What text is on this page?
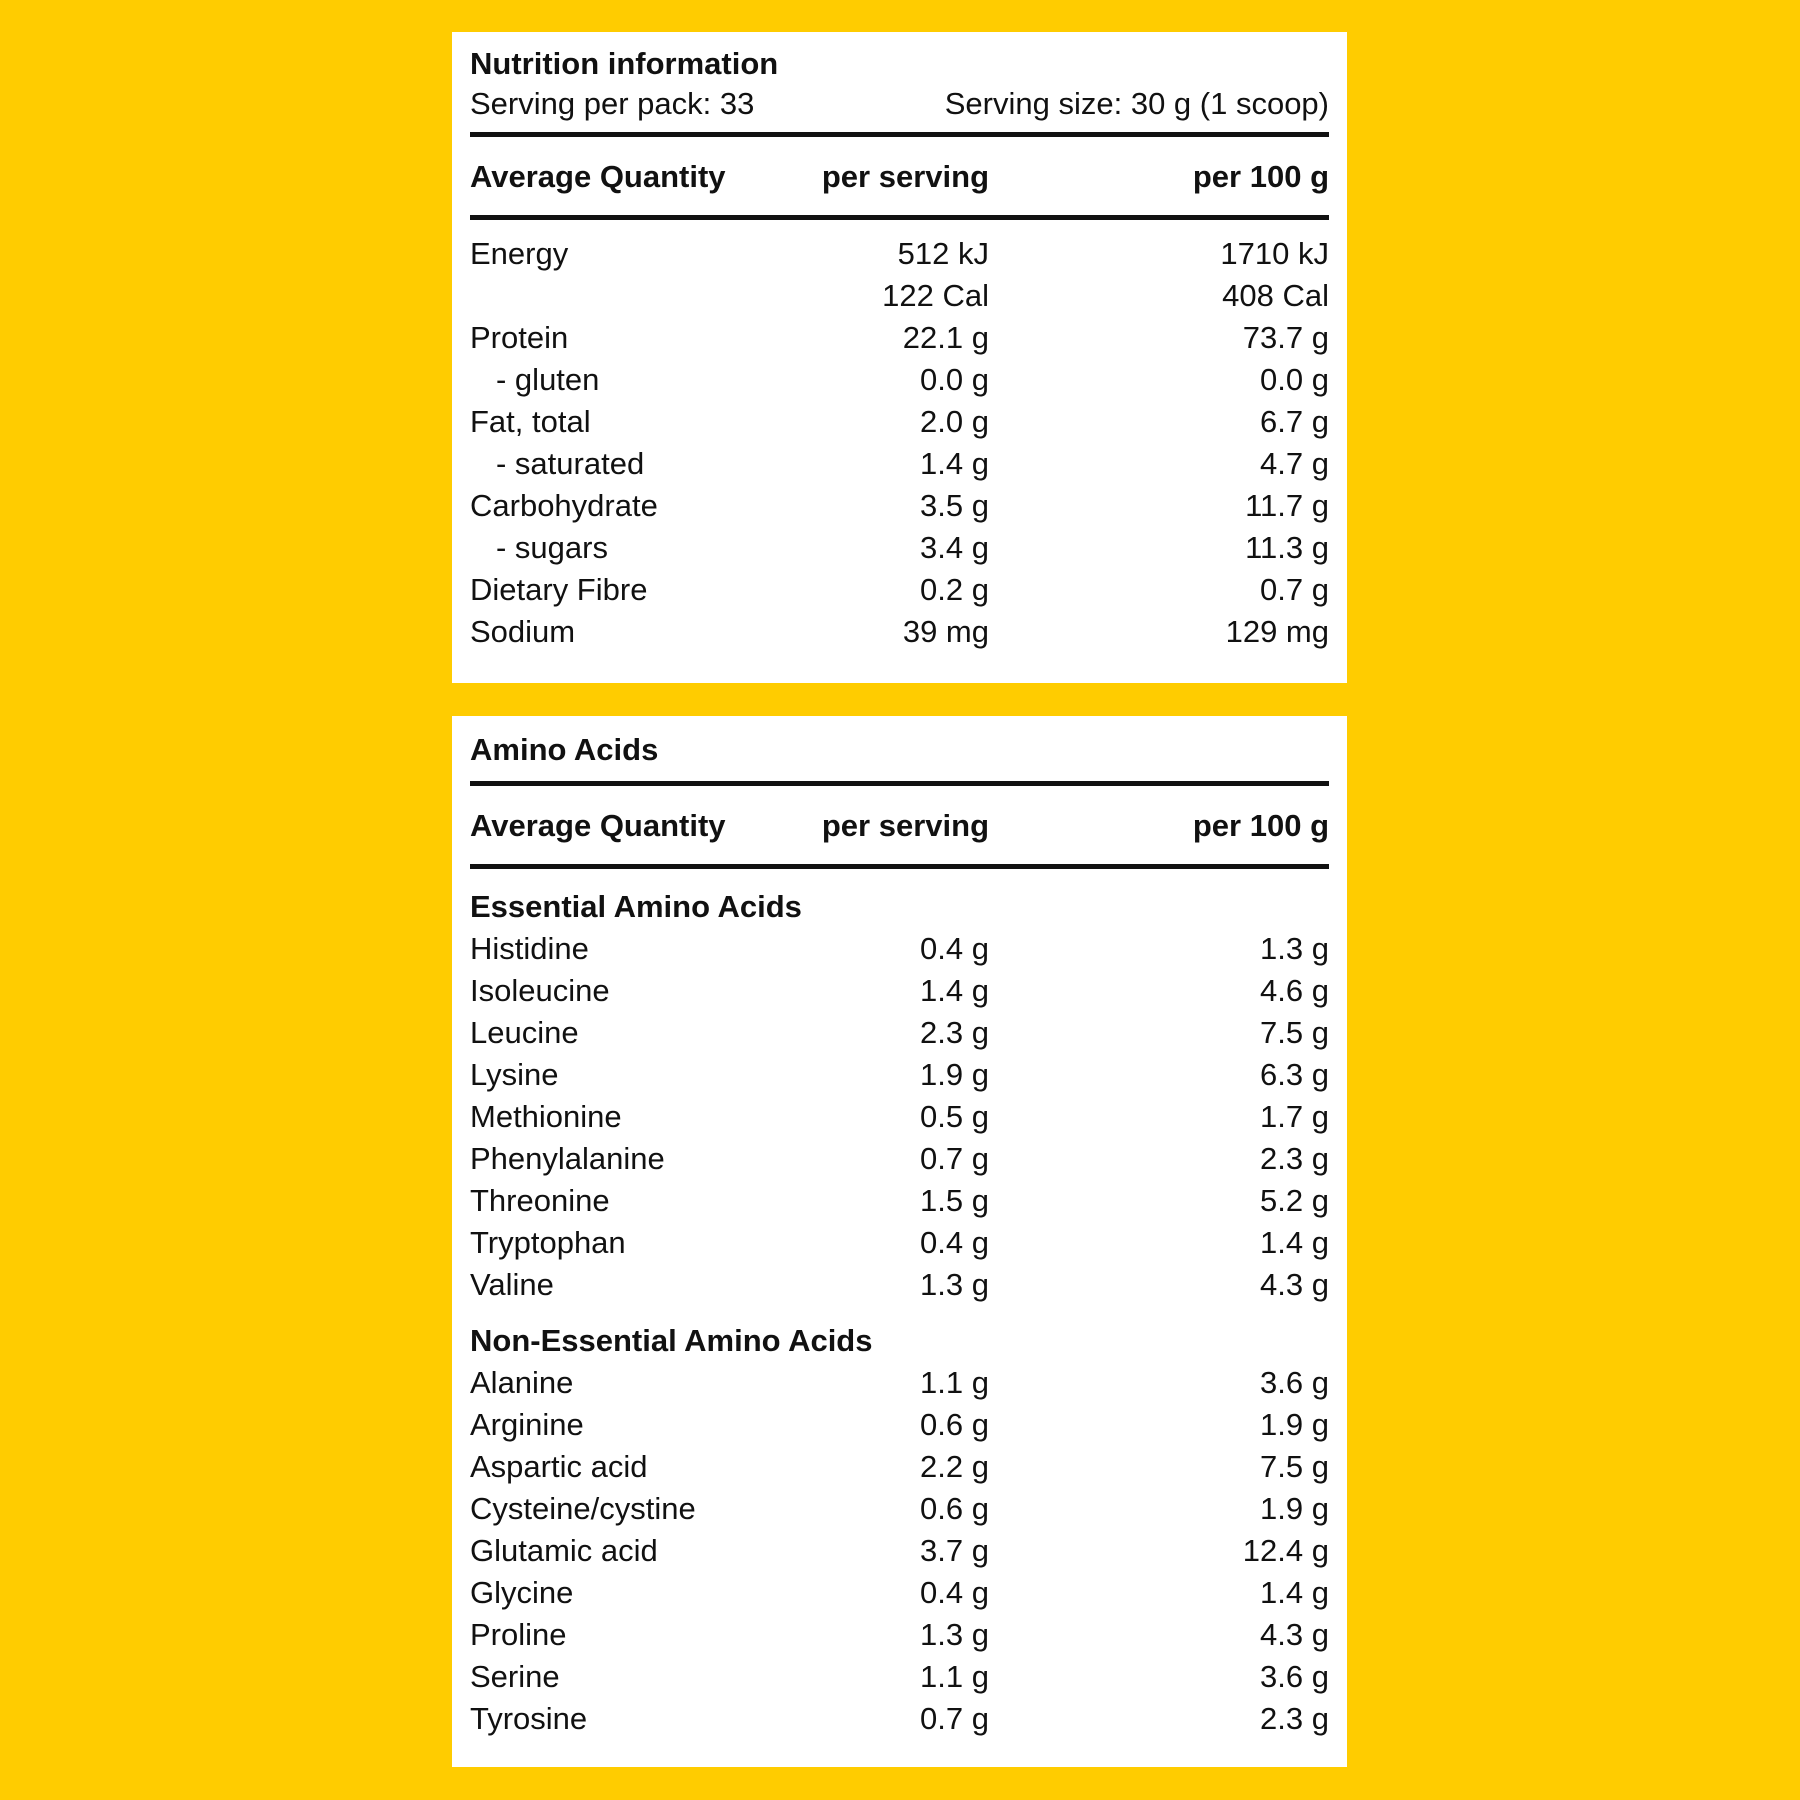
Nutrition information
Serving per pack: 33	Serving size: 30 g (1 scoop)
Average Quantity	per serving	per 100 g
Energy	512 kJ	1710 kJ
122 Cal	408 Cal
Protein	22.1 g	73.7 g
- gluten	0.0 g	0.0 g
Fat, total	2.0 g	6.7 g
- saturated	1.4 g	4.7 g
Carbohydrate	3.5 g	11.7 g
- sugars	3.4 g	11.3 g
Dietary Fibre	0.2 g	0.7 g
Sodium	39 mg	129 mg
Amino Acids
Average Quantity	per serving	per 100 g
Essential Amino Acids
Histidine	0.4 g	1.3 g
Isoleucine	1.4 g	4.6 g
Leucine	2.3 g	7.5 g
Lysine	1.9 g	6.3 g
Methionine	0.5 g	1.7 g
Phenylalanine	0.7 g	2.3 g
Threonine	1.5 g	5.2 g
Tryptophan	0.4 g	1.4 g
Valine	1.3 g	4.3 g
Non-Essential Amino Acids
Alanine	1.1 g	3.6 g
Arginine	0.6 g	1.9 g
Aspartic acid	2.2 g	7.5 g
Cysteine/cystine	0.6 g	1.9 g
Glutamic acid	3.7 g	12.4 g
Glycine	0.4 g	1.4 g
Proline	1.3 g	4.3 g
Serine	1.1 g	3.6 g
Tyrosine	0.7 g	2.3 g
